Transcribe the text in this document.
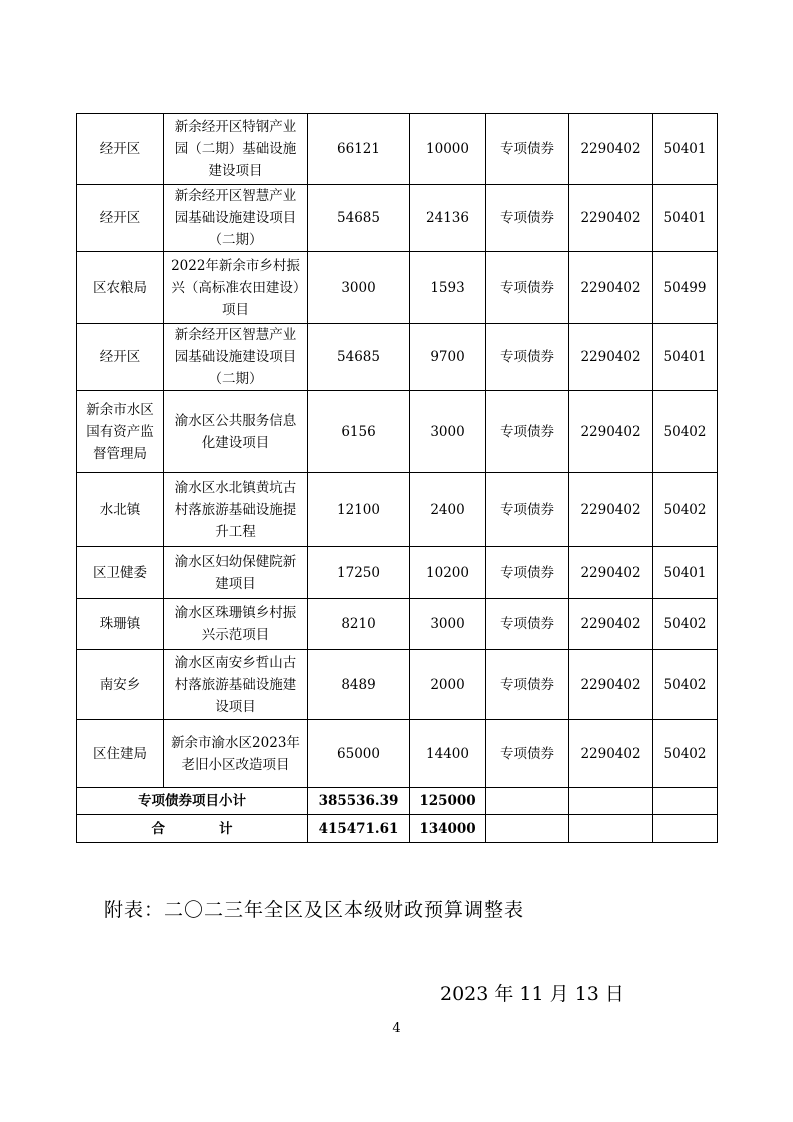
经开区	新余经开区特钢产业园（二期）基础设施建设项目	66121	10000	专项债券	2290402	50401
经开区	新余经开区智慧产业园基础设施建设项目（二期）	54685	24136	专项债券	2290402	50401
区农粮局	2022年新余市乡村振兴（高标准农田建设）项目	3000	1593	专项债券	2290402	50499
经开区	新余经开区智慧产业园基础设施建设项目（二期）	54685	9700	专项债券	2290402	50401
新余市水区国有资产监督管理局	渝水区公共服务信息化建设项目	6156	3000	专项债券	2290402	50402
水北镇	渝水区水北镇黄坑古村落旅游基础设施提升工程	12100	2400	专项债券	2290402	50402
区卫健委	渝水区妇幼保健院新建项目	17250	10200	专项债券	2290402	50401
珠珊镇	渝水区珠珊镇乡村振兴示范项目	8210	3000	专项债券	2290402	50402
南安乡	渝水区南安乡哲山古村落旅游基础设施建设项目	8489	2000	专项债券	2290402	50402
区住建局	新余市渝水区2023年老旧小区改造项目	65000	14400	专项债券	2290402	50402
专项债券项目小计		385536.39	125000			
合　　　　计		415471.61	134000			
附表：二〇二三年全区及区本级财政预算调整表
2023 年 11 月 13 日
4
